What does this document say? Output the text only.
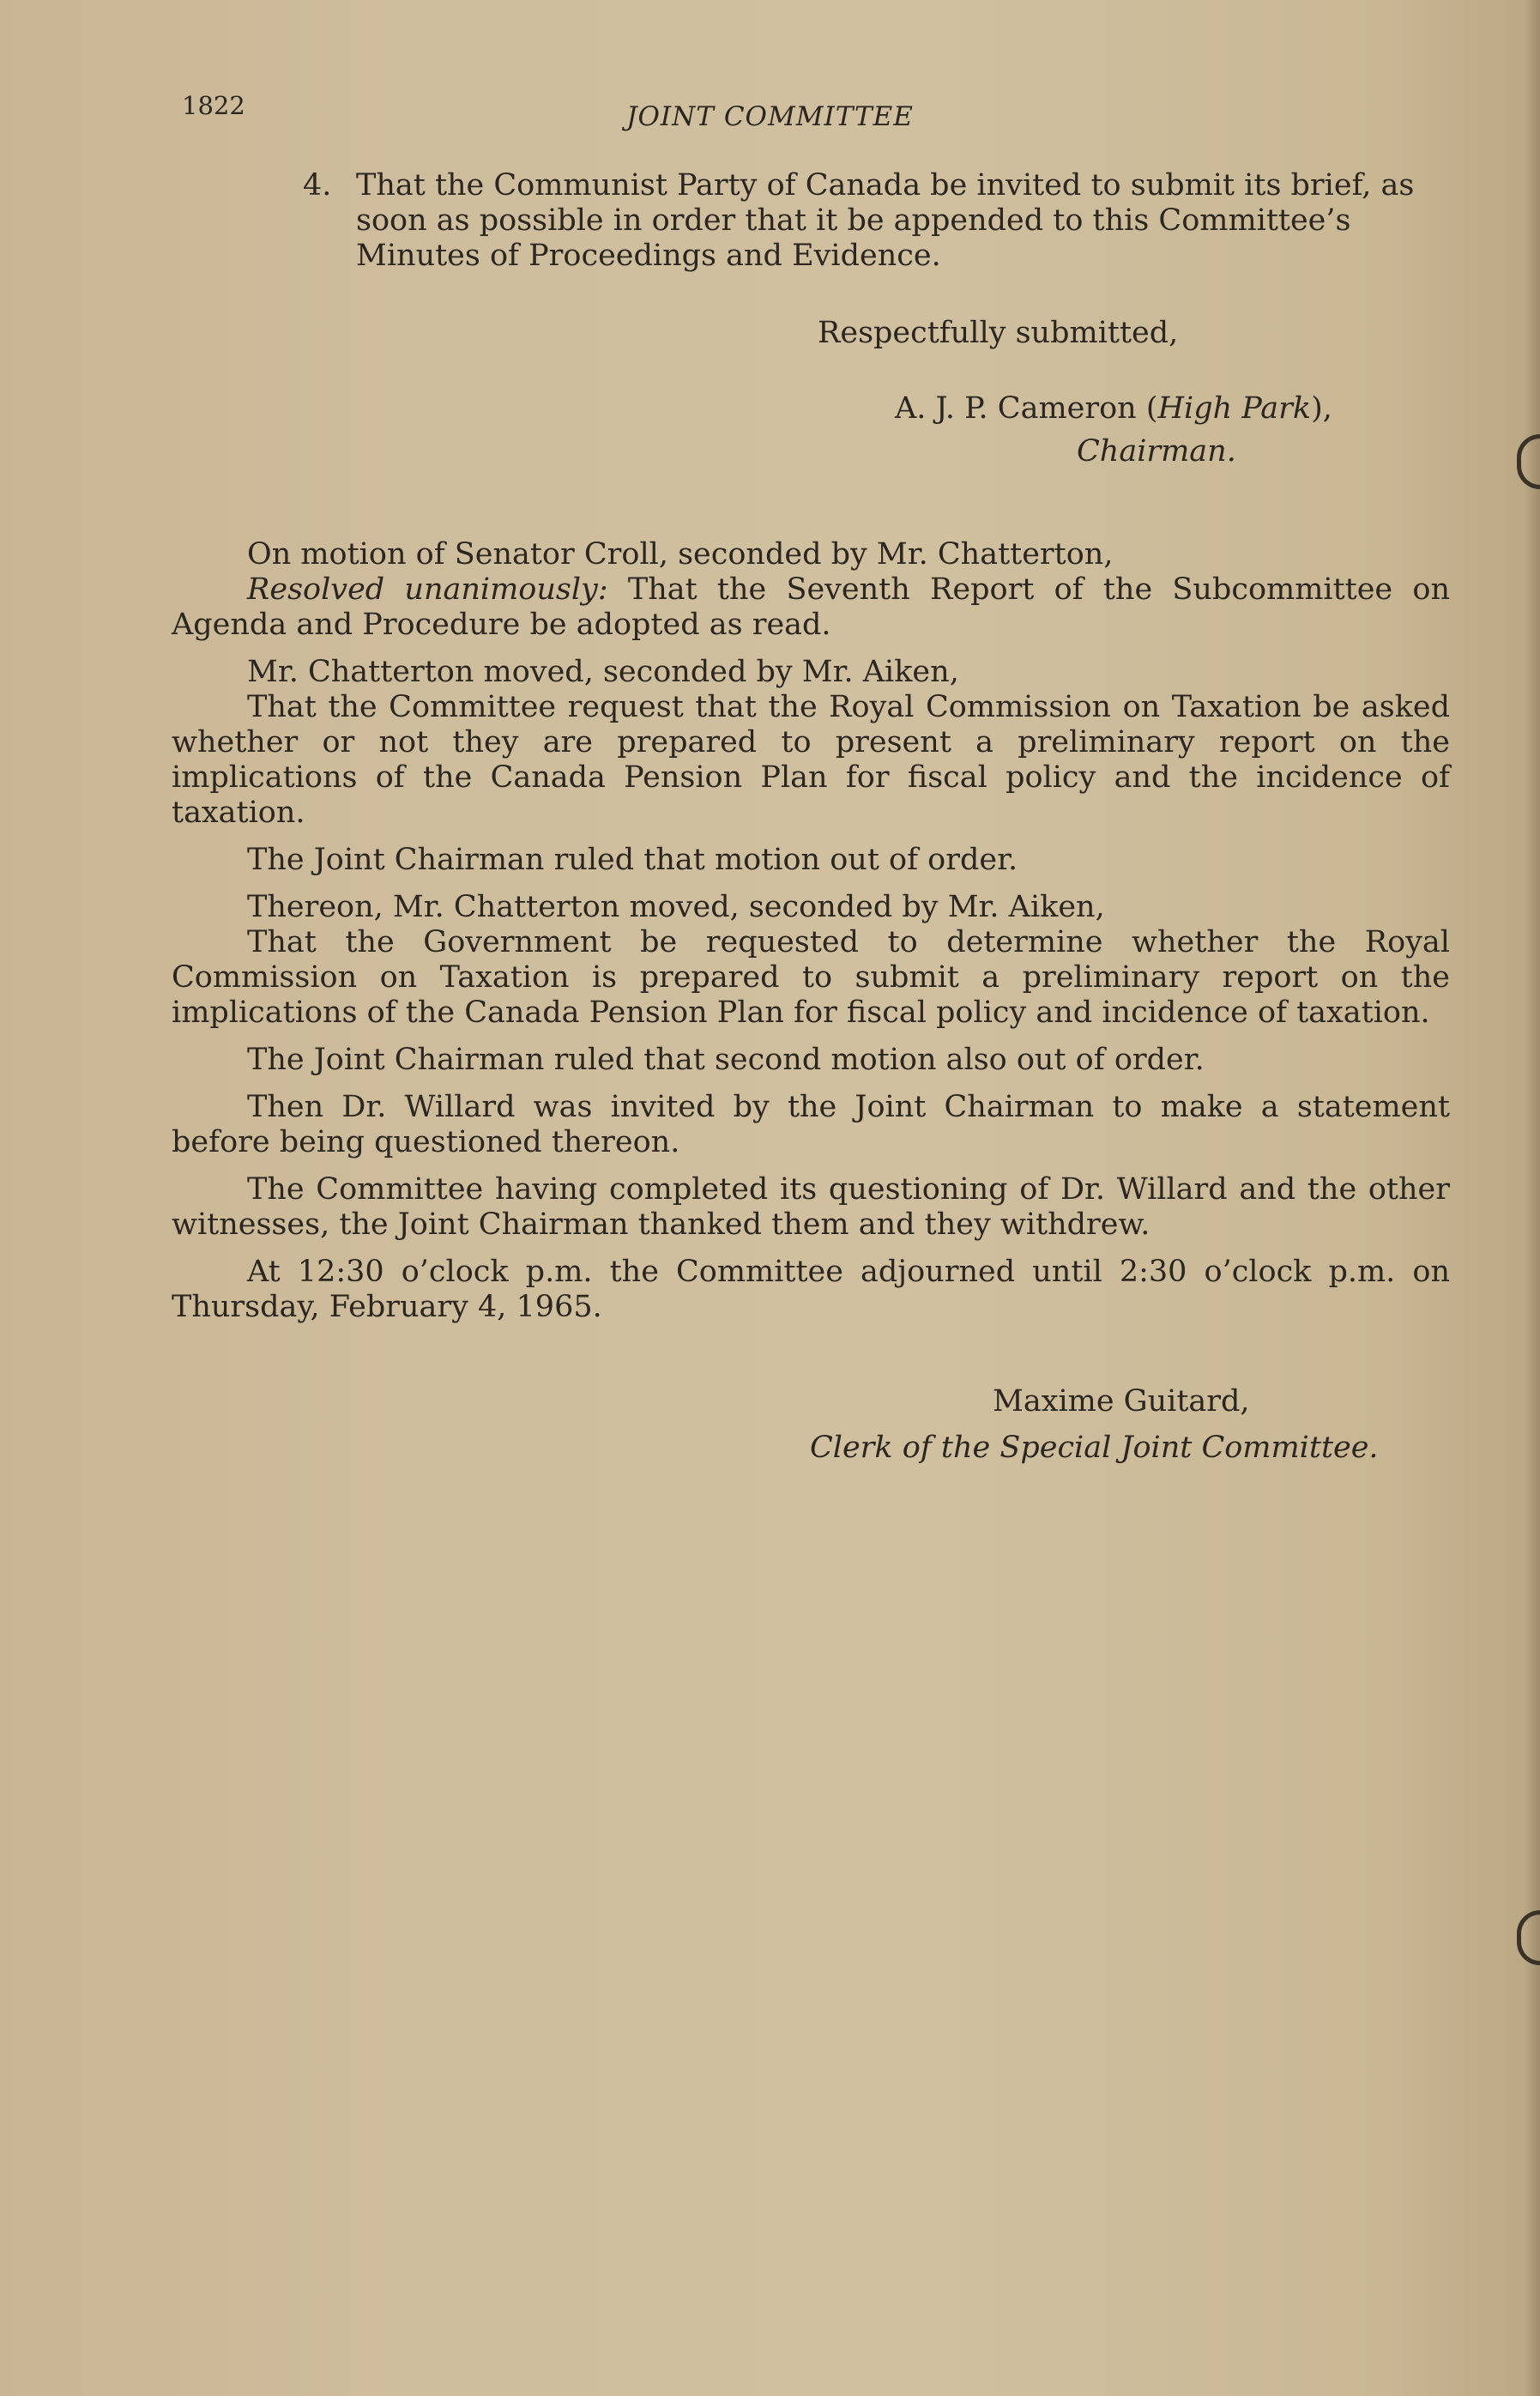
1822	JOINT COMMITTEE
4. That the Communist Party of Canada be invited to submit its brief, as soon as possible in order that it be appended to this Committee’s Minutes of Proceedings and Evidence.
Respectfully submitted,
A. J. P. Cameron (High Park),
Chairman.

On motion of Senator Croll, seconded by Mr. Chatterton,

Resolved unanimously: That the Seventh Report of the Subcommittee on Agenda and Procedure be adopted as read.

Mr. Chatterton moved, seconded by Mr. Aiken,

That the Committee request that the Royal Commission on Taxation be asked whether or not they are prepared to present a preliminary report on the implications of the Canada Pension Plan for fiscal policy and the incidence of taxation.

The Joint Chairman ruled that motion out of order.

Thereon, Mr. Chatterton moved, seconded by Mr. Aiken,

That the Government be requested to determine whether the Royal Commission on Taxation is prepared to submit a preliminary report on the implications of the Canada Pension Plan for fiscal policy and incidence of taxation.

The Joint Chairman ruled that second motion also out of order.

Then Dr. Willard was invited by the Joint Chairman to make a statement before being questioned thereon.

The Committee having completed its questioning of Dr. Willard and the other witnesses, the Joint Chairman thanked them and they withdrew.

At 12:30 o’clock p.m. the Committee adjourned until 2:30 o’clock p.m. on Thursday, February 4, 1965.

Maxime Guitard,
Clerk of the Special Joint Committee.
